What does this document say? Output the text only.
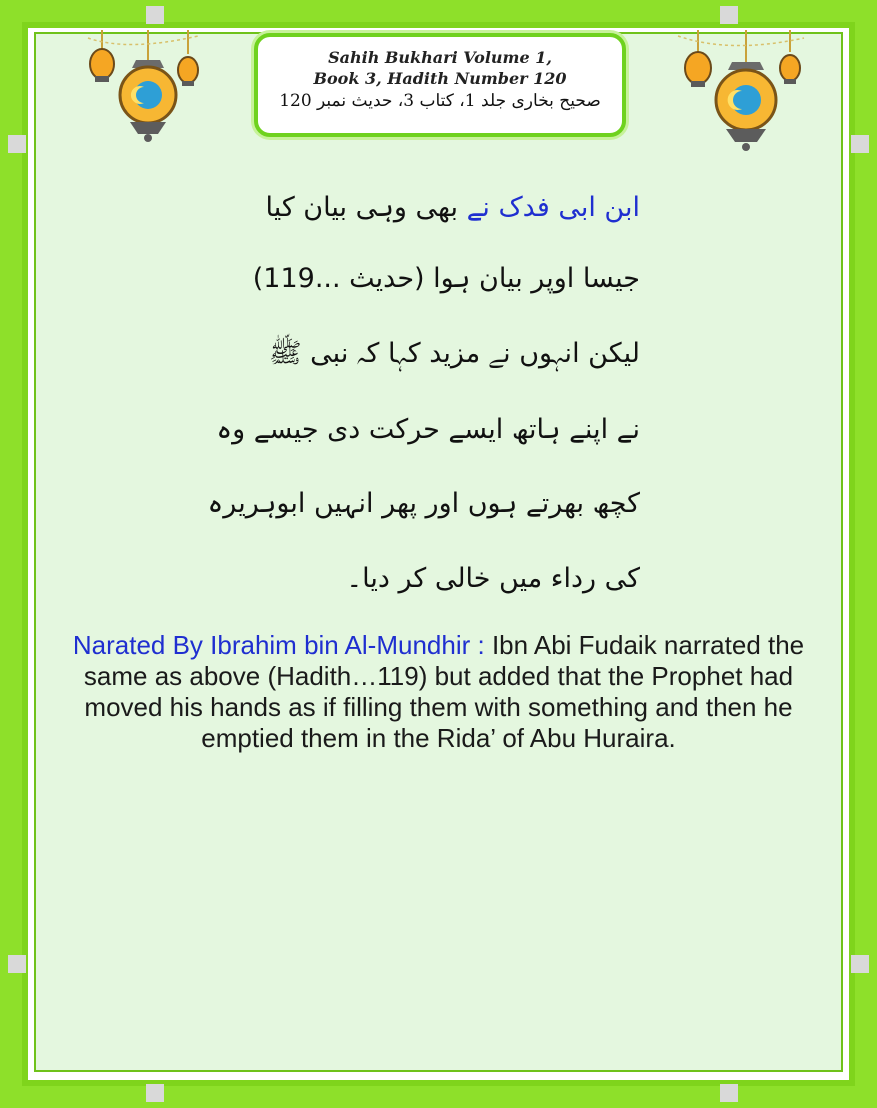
Sahih Bukhari Volume 1,
Book 3, Hadith Number 120
صحیح بخاری جلد 1، کتاب 3، حدیث نمبر 120
ابن ابی فدک نے بھی وہی بیان کیا
جیسا اوپر بیان ہوا (حدیث ...119)
لیکن انہوں نے مزید کہا کہ نبی ﷺ
نے اپنے ہاتھ ایسے حرکت دی جیسے وہ
کچھ بھرتے ہوں اور پھر انہیں ابوہریرہ
کی رداء میں خالی کر دیا۔
Narated By Ibrahim bin Al-Mundhir : Ibn Abi Fudaik narrated the same as above (Hadith…119) but added that the Prophet had moved his hands as if filling them with something and then he emptied them in the Rida’ of Abu Huraira.
